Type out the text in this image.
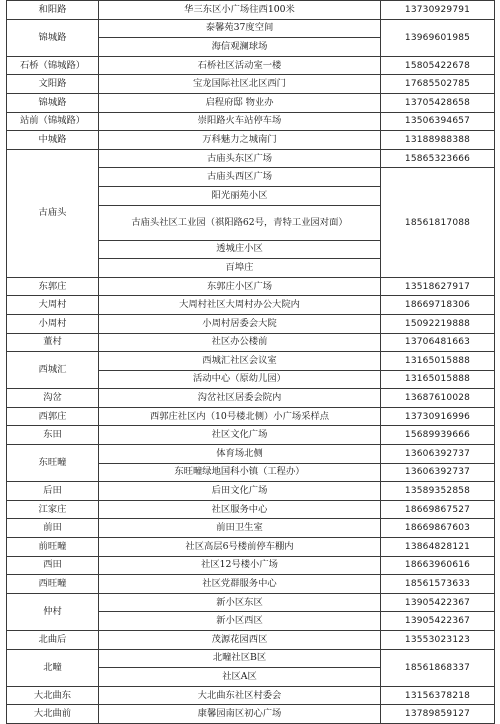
和阳路	华三东区小广场往西100米	13730929791	
锦城路	泰馨苑37度空间	13969601985	
	海信观澜球场		
石桥（锦城路）	石桥社区活动室一楼	15805422678	
文阳路	宝龙国际社区北区西门	17685502785	
锦城路	启程府邸 物业办	13705428658	
站前（锦城路）	崇阳路火车站停车场	13506394657	
中城路	万科魅力之城南门	13188988388	
古庙头	古庙头东区广场	15865323666	
	古庙头西区广场	18561817088	
	阳光丽苑小区		
	古庙头社区工业园（祺阳路62号，青特工业园对面）		
	透城庄小区		
	百埠庄		
东郭庄	东郭庄小区广场	13518627917	
大周村	大周村社区大周村办公大院内	18669718306	
小周村	小周村居委会大院	15092219888	
董村	社区办公楼前	13706481663	
西城汇	西城汇社区会议室	13165015888	
	活动中心（原幼儿园）	13165015888	
沟岔	沟岔社区居委会院内	13687610028	
西郭庄	西郭庄社区内（10号楼北侧）小广场采样点	13730916996	
东田	社区文化广场	15689939666	
东旺疃	体育场北侧	13606392737	
	东旺疃绿地国科小镇（工程办）	13606392737	
后田	后田文化广场	13589352858	
江家庄	社区服务中心	18669867527	
前田	前田卫生室	18669867603	
前旺疃	社区高层6号楼前停车棚内	13864828121	
西田	社区12号楼小广场	18663960616	
西旺疃	社区党群服务中心	18561573633	
仲村	新小区东区	13905422367	
	新小区西区	13905422367	
北曲后	茂源花园西区	13553023123	
北疃	北疃社区B区	18561868337	
	社区A区		
大北曲东	大北曲东社区村委会	13156378218	
大北曲前	康馨园南区初心广场	13789859127	
